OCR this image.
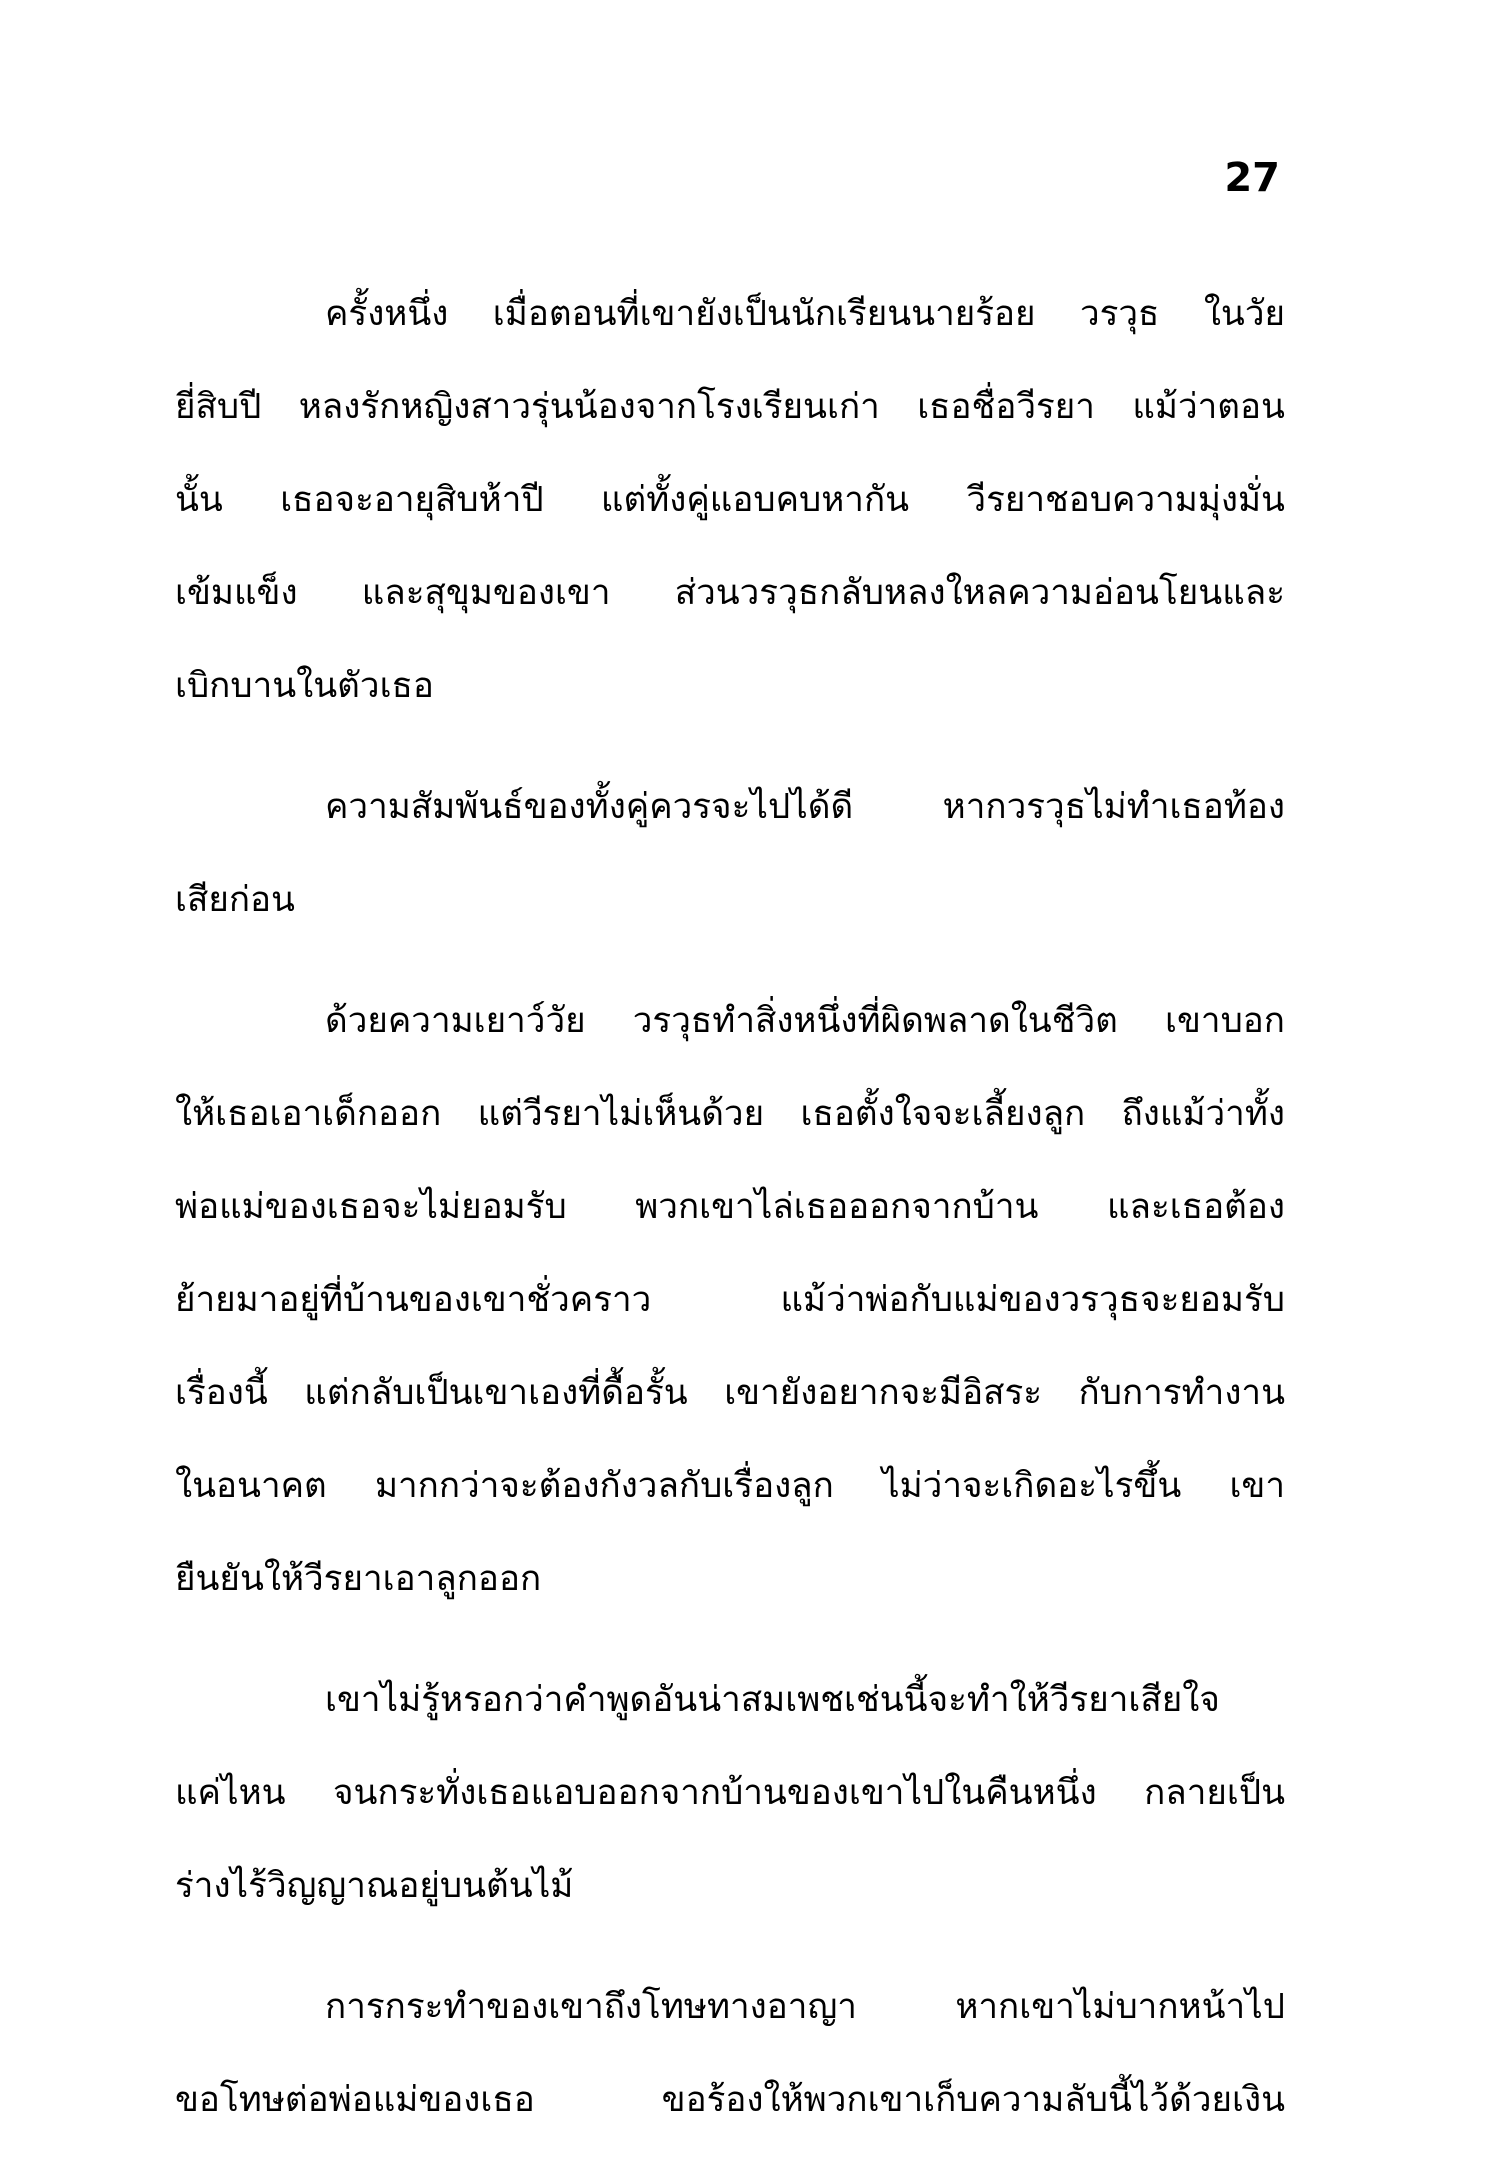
27
ครั้งหนึ่ง เมื่อตอนที่เขายังเป็นนักเรียนนายร้อย วรวุธ ในวัย
ยี่สิบปี หลงรักหญิงสาวรุ่นน้องจากโรงเรียนเก่า เธอชื่อวีรยา แม้ว่าตอน
นั้น เธอจะอายุสิบห้าปี แต่ทั้งคู่แอบคบหากัน วีรยาชอบความมุ่งมั่น
เข้มแข็ง และสุขุมของเขา ส่วนวรวุธกลับหลงใหลความอ่อนโยนและ
เบิกบานในตัวเธอ
ความสัมพันธ์ของทั้งคู่ควรจะไปได้ดี หากวรวุธไม่ทำเธอท้อง
เสียก่อน
ด้วยความเยาว์วัย วรวุธทำสิ่งหนึ่งที่ผิดพลาดในชีวิต เขาบอก
ให้เธอเอาเด็กออก แต่วีรยาไม่เห็นด้วย เธอตั้งใจจะเลี้ยงลูก ถึงแม้ว่าทั้ง
พ่อแม่ของเธอจะไม่ยอมรับ พวกเขาไล่เธอออกจากบ้าน และเธอต้อง
ย้ายมาอยู่ที่บ้านของเขาชั่วคราว แม้ว่าพ่อกับแม่ของวรวุธจะยอมรับ
เรื่องนี้ แต่กลับเป็นเขาเองที่ดื้อรั้น เขายังอยากจะมีอิสระ กับการทำงาน
ในอนาคต มากกว่าจะต้องกังวลกับเรื่องลูก ไม่ว่าจะเกิดอะไรขึ้น เขา
ยืนยันให้วีรยาเอาลูกออก
เขาไม่รู้หรอกว่าคำพูดอันน่าสมเพชเช่นนี้จะทำให้วีรยาเสียใจ
แค่ไหน จนกระทั่งเธอแอบออกจากบ้านของเขาไปในคืนหนึ่ง กลายเป็น
ร่างไร้วิญญาณอยู่บนต้นไม้
การกระทำของเขาถึงโทษทางอาญา หากเขาไม่บากหน้าไป
ขอโทษต่อพ่อแม่ของเธอ ขอร้องให้พวกเขาเก็บความลับนี้ไว้ด้วยเงิน
